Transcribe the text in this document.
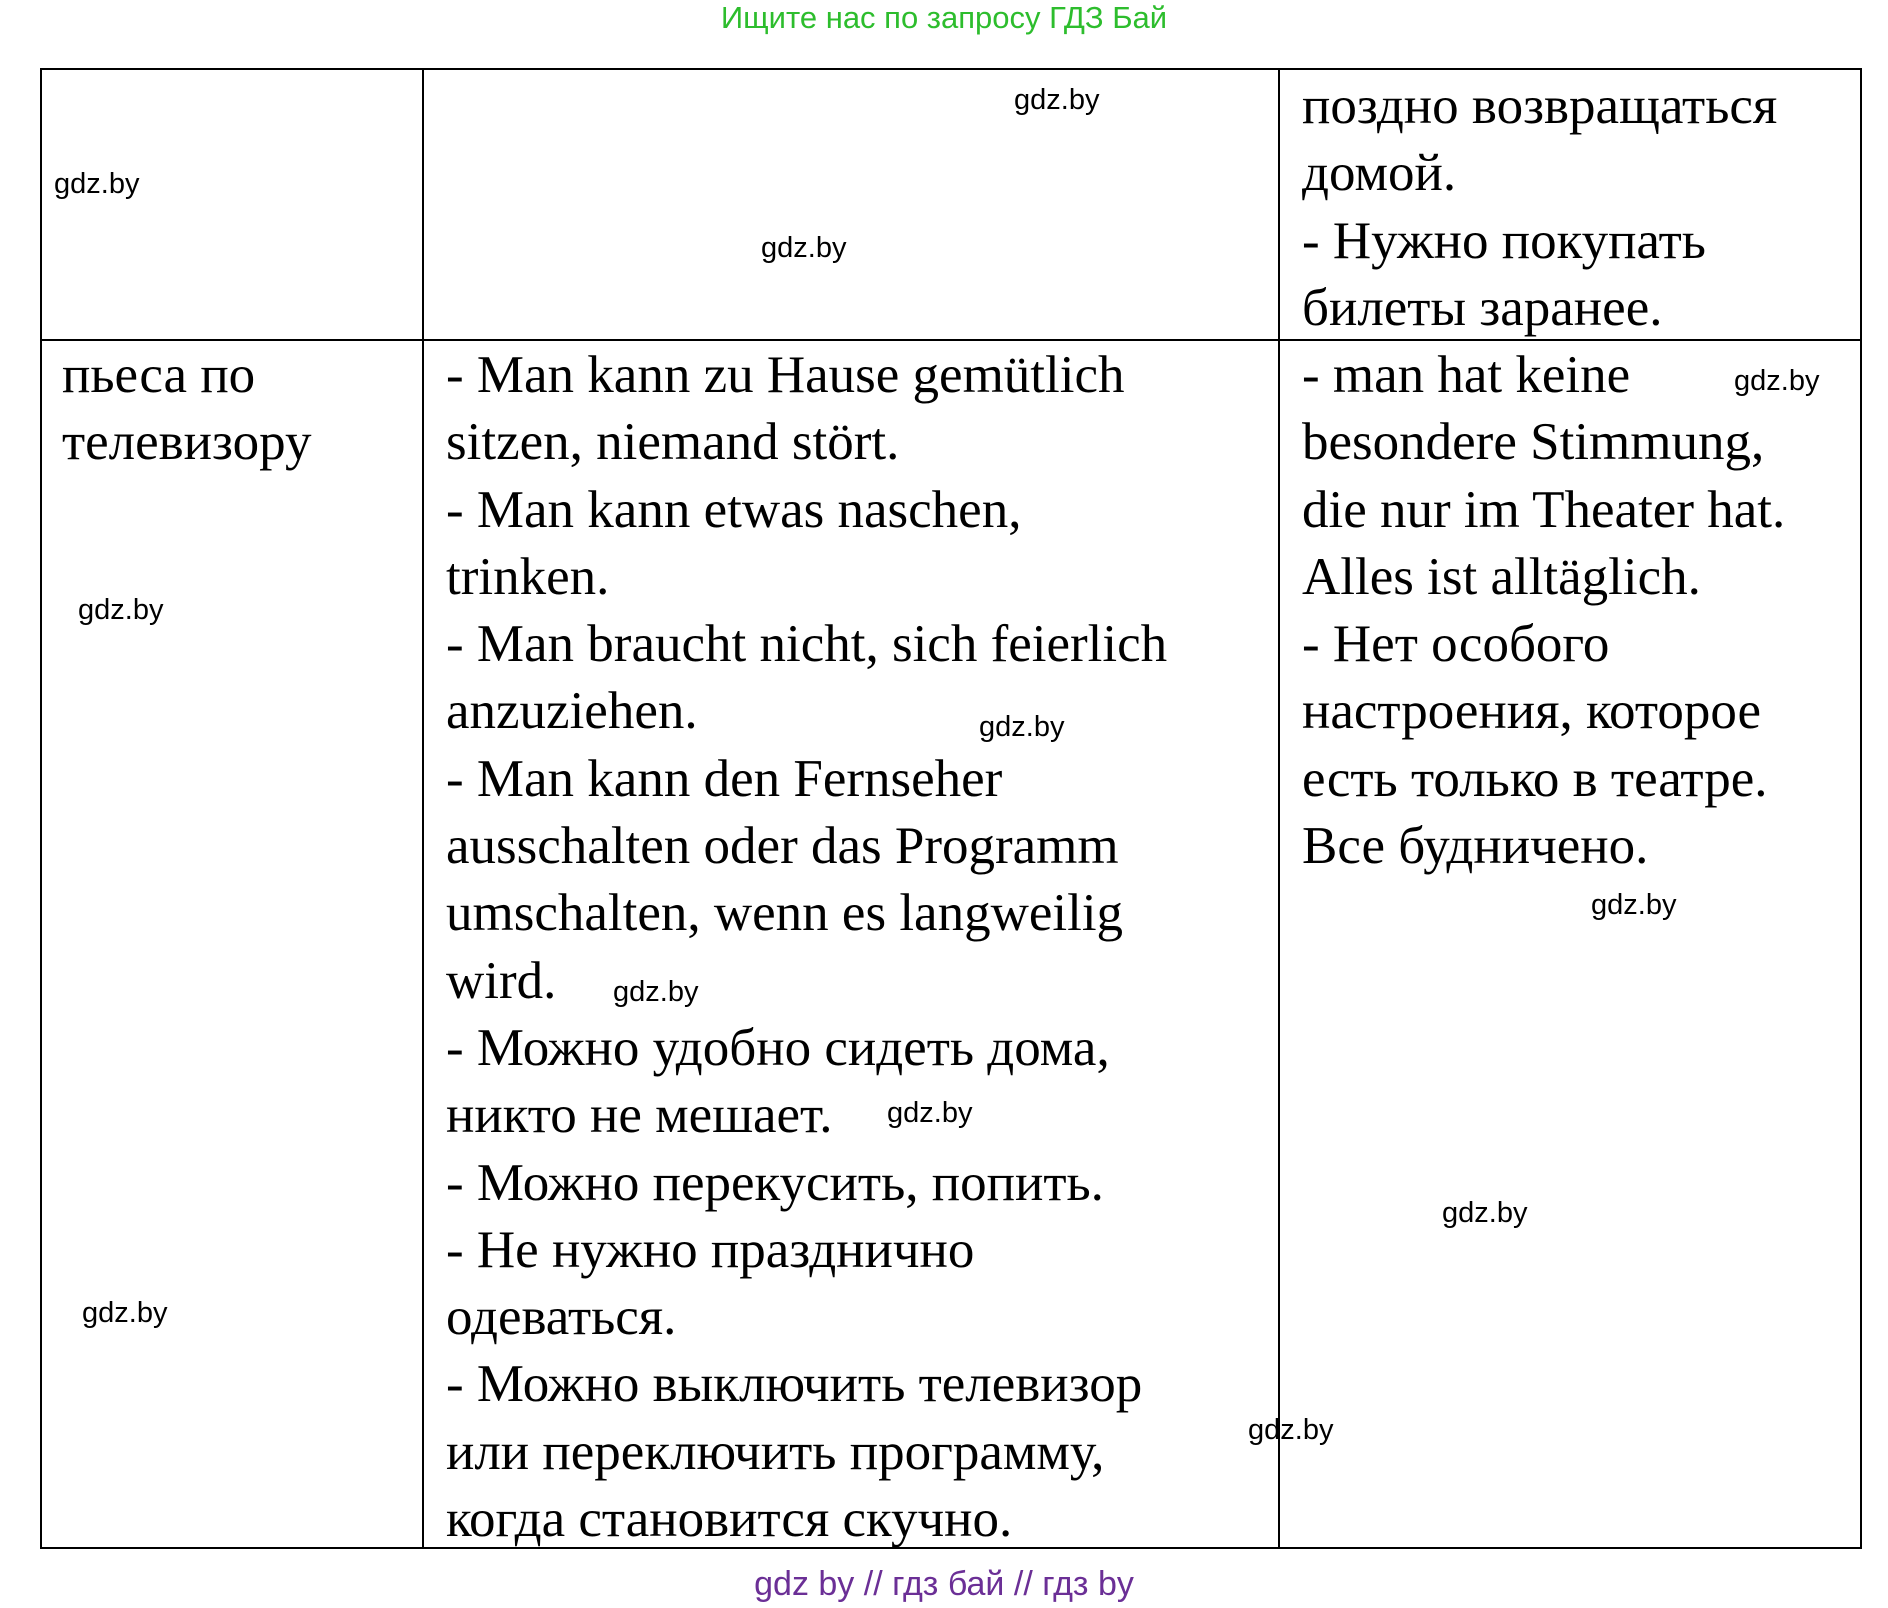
Ищите нас по запросу ГДЗ Бай
поздно возвращаться
домой.
- Нужно покупать
билеты заранее.
пьеса по
телевизору
- Man kann zu Hause gemütlich
sitzen, niemand stört.
- Man kann etwas naschen,
trinken.
- Man braucht nicht, sich feierlich
anzuziehen.
- Man kann den Fernseher
ausschalten oder das Programm
umschalten, wenn es langweilig
wird.
- Можно удобно сидеть дома,
никто не мешает.
- Можно перекусить, попить.
- Не нужно празднично
одеваться.
- Можно выключить телевизор
или переключить программу,
когда становится скучно.
- man hat keine
besondere Stimmung,
die nur im Theater hat.
Alles ist alltäglich.
- Нет особого
настроения, которое
есть только в театре.
Все будничено.
gdz.by
gdz.by
gdz.by
gdz.by
gdz.by
gdz.by
gdz.by
gdz.by
gdz.by
gdz.by
gdz.by
gdz.by
gdz by // гдз бай // гдз by
